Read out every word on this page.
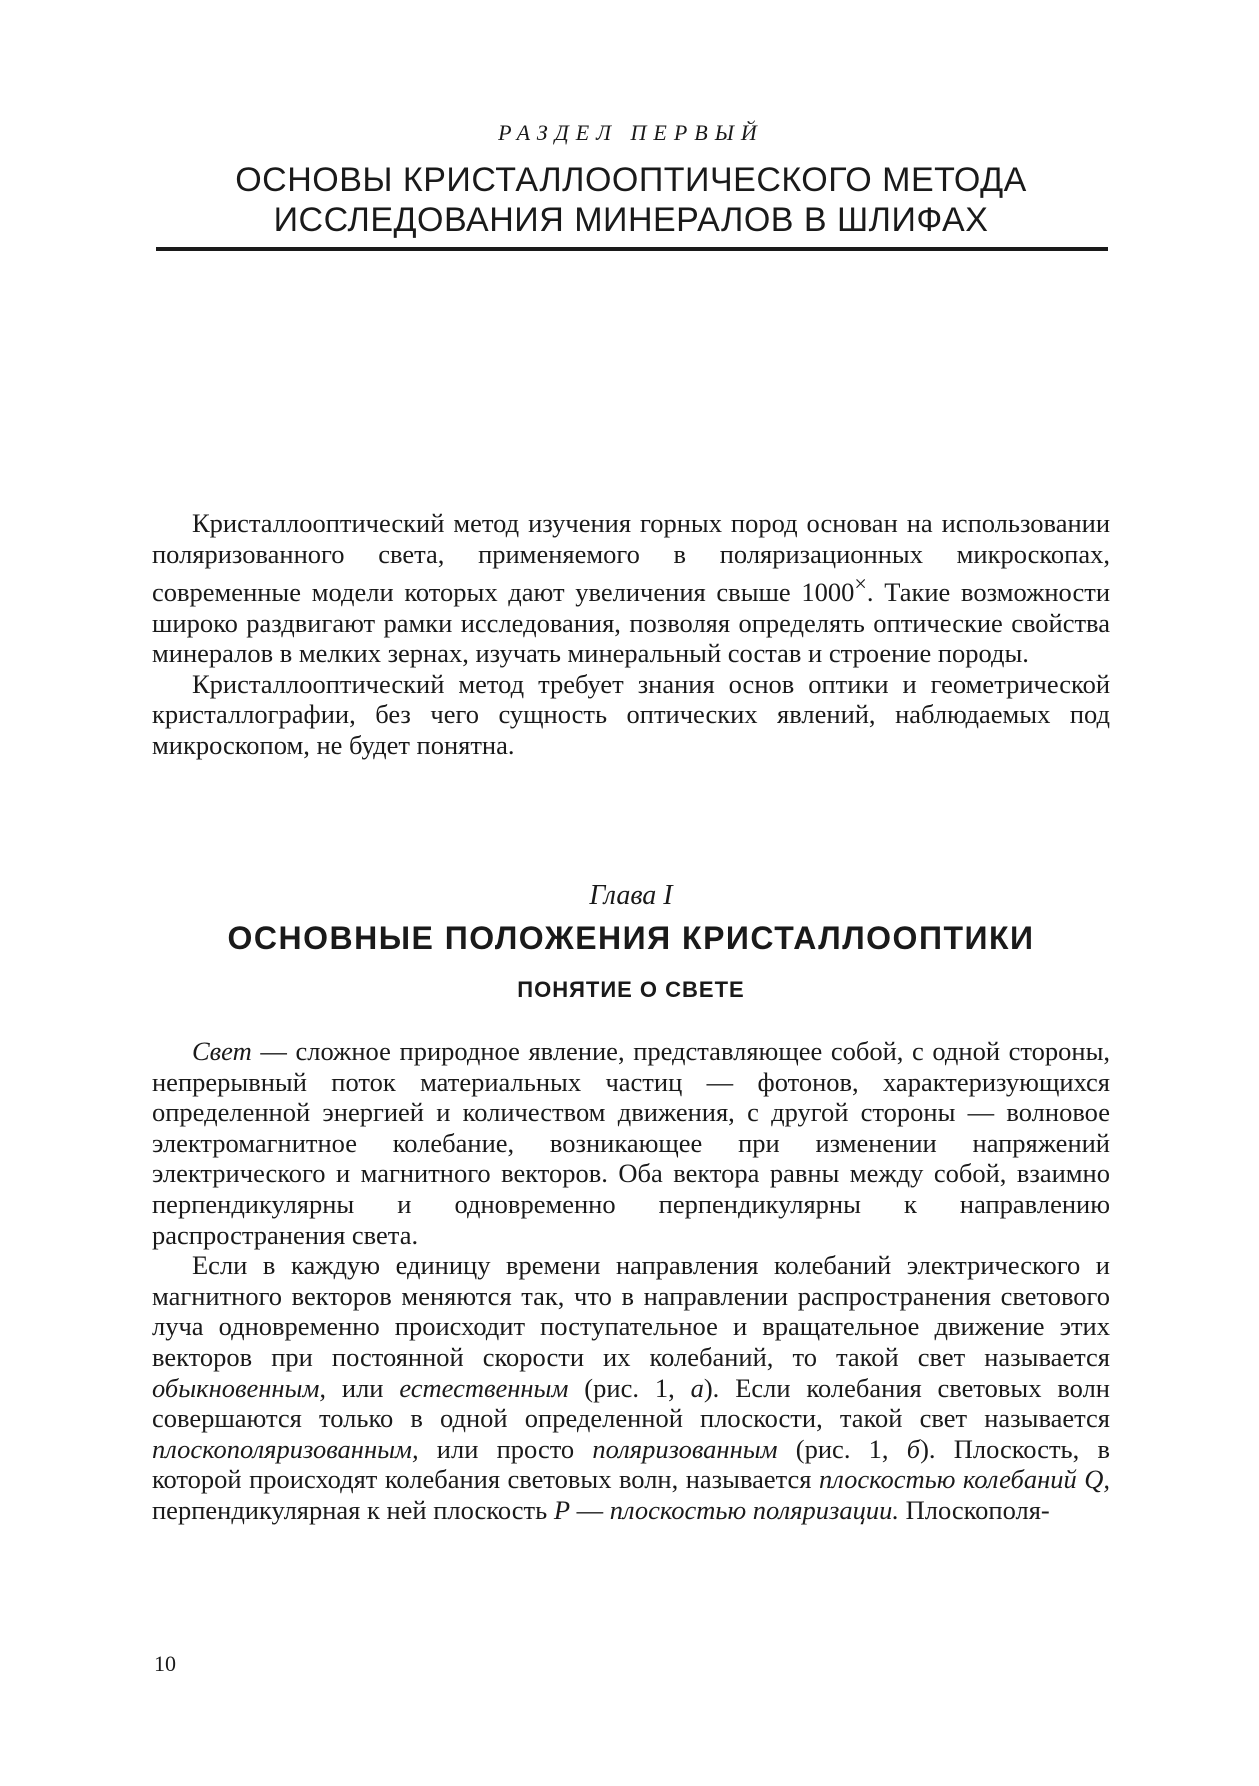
РАЗДЕЛ ПЕРВЫЙ
ОСНОВЫ КРИСТАЛЛООПТИЧЕСКОГО МЕТОДА
ИССЛЕДОВАНИЯ МИНЕРАЛОВ В ШЛИФАХ

Кристаллооптический метод изучения горных пород основан на использовании поляризованного света, применяемого в поляризационных микроскопах, современные модели которых дают увеличения свыше 1000×. Такие возможности широко раздвигают рамки исследования, позволяя определять оптические свойства минералов в мелких зернах, изучать минеральный состав и строение породы.

Кристаллооптический метод требует знания основ оптики и геометрической кристаллографии, без чего сущность оптических явлений, наблюдаемых под микроскопом, не будет понятна.

Глава I
ОСНОВНЫЕ ПОЛОЖЕНИЯ КРИСТАЛЛООПТИКИ
ПОНЯТИЕ О СВЕТЕ

Свет — сложное природное явление, представляющее собой, с одной стороны, непрерывный поток материальных частиц — фотонов, характеризующихся определенной энергией и количеством движения, с другой стороны — волновое электромагнитное колебание, возникающее при изменении напряжений электрического и магнитного векторов. Оба вектора равны между собой, взаимно перпендикулярны и одновременно перпендикулярны к направлению распространения света.

Если в каждую единицу времени направления колебаний электрического и магнитного векторов меняются так, что в направлении распространения светового луча одновременно происходит поступательное и вращательное движение этих векторов при постоянной скорости их колебаний, то такой свет называется обыкновенным, или естественным (рис. 1, а). Если колебания световых волн совершаются только в одной определенной плоскости, такой свет называется плоскополяризованным, или просто поляризованным (рис. 1, б). Плоскость, в которой происходят колебания световых волн, называется плоскостью колебаний Q, перпендикулярная к ней плоскость P — плоскостью поляризации. Плоскополя-

10
